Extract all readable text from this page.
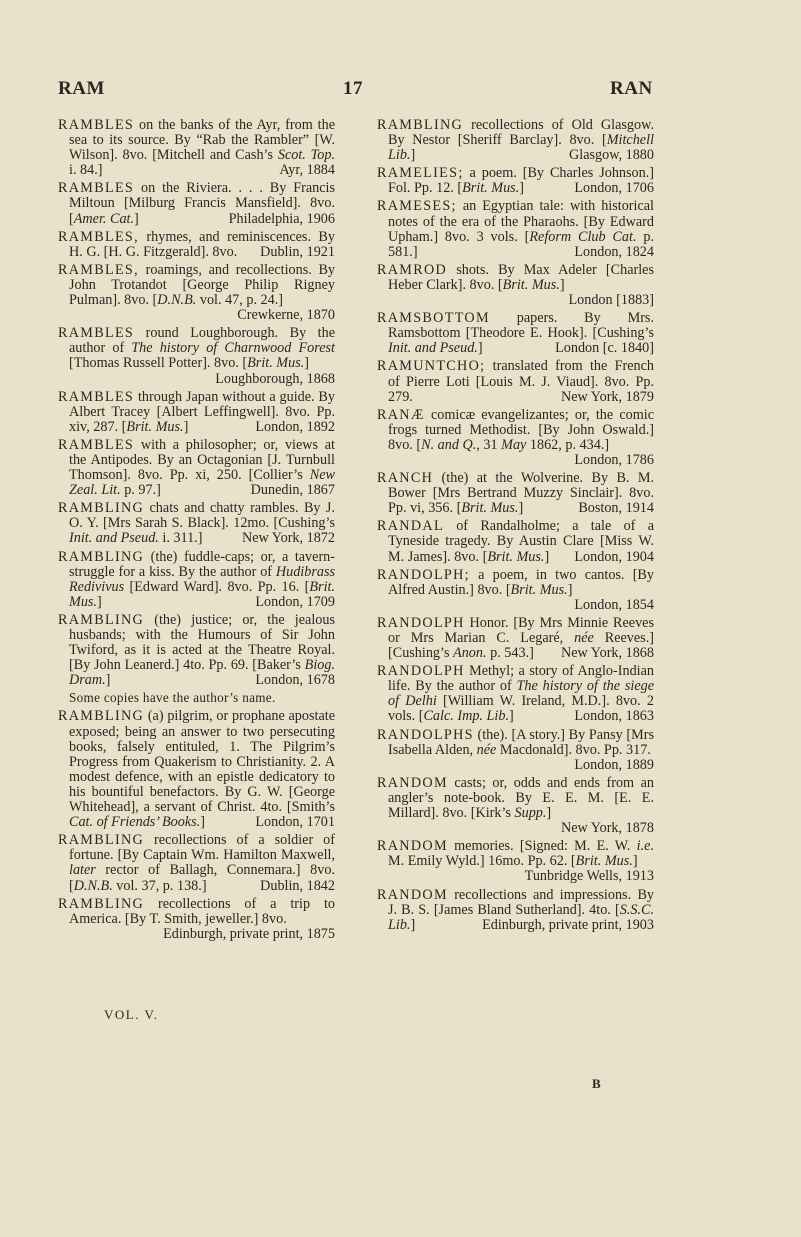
RAM	17	RAN

RAMBLES on the banks of the Ayr, from the sea to its source. By “Rab the Rambler” [W. Wilson]. 8vo. [Mitchell and Cash’s Scot. Top. i. 84.]	Ayr, 1884

RAMBLES on the Riviera. . . . By Francis Miltoun [Milburg Francis Mansfield]. 8vo. [Amer. Cat.]	Philadelphia, 1906

RAMBLES, rhymes, and reminiscences. By H. G. [H. G. Fitzgerald]. 8vo.	Dublin, 1921

RAMBLES, roamings, and recollections. By John Trotandot [George Philip Rigney Pulman]. 8vo. [D.N.B. vol. 47, p. 24.]
Crewkerne, 1870

RAMBLES round Loughborough. By the author of The history of Charnwood Forest [Thomas Russell Potter]. 8vo. [Brit. Mus.]
Loughborough, 1868

RAMBLES through Japan without a guide. By Albert Tracey [Albert Leffingwell]. 8vo. Pp. xiv, 287. [Brit. Mus.]	London, 1892

RAMBLES with a philosopher; or, views at the Antipodes. By an Octagonian [J. Turnbull Thomson]. 8vo. Pp. xi, 250. [Collier’s New Zeal. Lit. p. 97.]	Dunedin, 1867

RAMBLING chats and chatty rambles. By J. O. Y. [Mrs Sarah S. Black]. 12mo. [Cushing’s Init. and Pseud. i. 311.]	New York, 1872

RAMBLING (the) fuddle-caps; or, a tavern-struggle for a kiss. By the author of Hudibrass Redivivus [Edward Ward]. 8vo. Pp. 16. [Brit. Mus.]	London, 1709

RAMBLING (the) justice; or, the jealous husbands; with the Humours of Sir John Twiford, as it is acted at the Theatre Royal. [By John Leanerd.] 4to. Pp. 69. [Baker’s Biog. Dram.]	London, 1678

Some copies have the author’s name.

RAMBLING (a) pilgrim, or prophane apostate exposed; being an answer to two persecuting books, falsely entituled, 1. The Pilgrim’s Progress from Quakerism to Christianity. 2. A modest defence, with an epistle dedicatory to his bountiful benefactors. By G. W. [George Whitehead], a servant of Christ. 4to. [Smith’s Cat. of Friends’ Books.]	London, 1701

RAMBLING recollections of a soldier of fortune. [By Captain Wm. Hamilton Maxwell, later rector of Ballagh, Connemara.] 8vo. [D.N.B. vol. 37, p. 138.]	Dublin, 1842

RAMBLING recollections of a trip to America. [By T. Smith, jeweller.] 8vo.
Edinburgh, private print, 1875

RAMBLING recollections of Old Glasgow. By Nestor [Sheriff Barclay]. 8vo. [Mitchell Lib.]	Glasgow, 1880

RAMELIES; a poem. [By Charles Johnson.] Fol. Pp. 12. [Brit. Mus.]	London, 1706

RAMESES; an Egyptian tale: with historical notes of the era of the Pharaohs. [By Edward Upham.] 8vo. 3 vols. [Reform Club Cat. p. 581.]	London, 1824

RAMROD shots. By Max Adeler [Charles Heber Clark]. 8vo. [Brit. Mus.]
London [1883]

RAMSBOTTOM papers. By Mrs. Ramsbottom [Theodore E. Hook]. [Cushing’s Init. and Pseud.]	London [c. 1840]

RAMUNTCHO; translated from the French of Pierre Loti [Louis M. J. Viaud]. 8vo. Pp. 279.	New York, 1879

RANÆ comicæ evangelizantes; or, the comic frogs turned Methodist. [By John Oswald.] 8vo. [N. and Q., 31 May 1862, p. 434.]
London, 1786

RANCH (the) at the Wolverine. By B. M. Bower [Mrs Bertrand Muzzy Sinclair]. 8vo. Pp. vi, 356. [Brit. Mus.]	Boston, 1914

RANDAL of Randalholme; a tale of a Tyneside tragedy. By Austin Clare [Miss W. M. James]. 8vo. [Brit. Mus.]	London, 1904

RANDOLPH; a poem, in two cantos. [By Alfred Austin.] 8vo. [Brit. Mus.]
London, 1854

RANDOLPH Honor. [By Mrs Minnie Reeves or Mrs Marian C. Legaré, née Reeves.] [Cushing’s Anon. p. 543.]	New York, 1868

RANDOLPH Methyl; a story of Anglo-Indian life. By the author of The history of the siege of Delhi [William W. Ireland, M.D.]. 8vo. 2 vols. [Calc. Imp. Lib.]	London, 1863

RANDOLPHS (the). [A story.] By Pansy [Mrs Isabella Alden, née Macdonald]. 8vo. Pp. 317.
London, 1889

RANDOM casts; or, odds and ends from an angler’s note-book. By E. E. M. [E. E. Millard]. 8vo. [Kirk’s Supp.]
New York, 1878

RANDOM memories. [Signed: M. E. W. i.e. M. Emily Wyld.] 16mo. Pp. 62. [Brit. Mus.]
Tunbridge Wells, 1913

RANDOM recollections and impressions. By J. B. S. [James Bland Sutherland]. 4to. [S.S.C. Lib.]	Edinburgh, private print, 1903

VOL. V.
B
